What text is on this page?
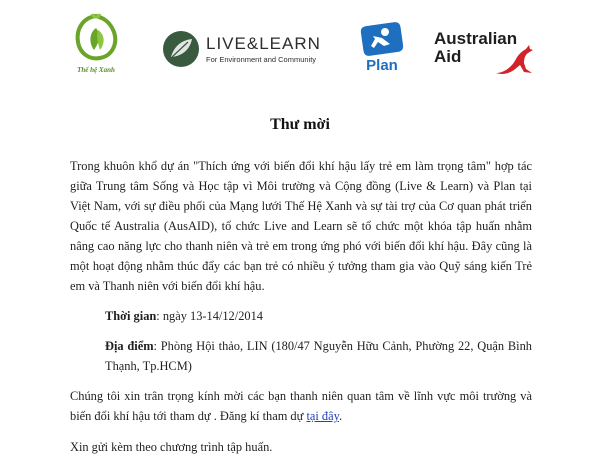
Thế hệ Xanh
LIVE&LEARN
For Environment and Community	Plan
Australian
Aid
Thư mời

Trong khuôn khổ dự án "Thích ứng với biến đổi khí hậu lấy trẻ em làm trọng tâm" hợp tác giữa Trung tâm Sống và Học tập vì Môi trường và Cộng đồng (Live & Learn) và Plan tại Việt Nam, với sự điều phối của Mạng lưới Thế Hệ Xanh và sự tài trợ của Cơ quan phát triển Quốc tế Australia (AusAID), tổ chức Live and Learn sẽ tổ chức một khóa tập huấn nhằm nâng cao năng lực cho thanh niên và trẻ em trong ứng phó với biến đổi khí hậu. Đây cũng là một hoạt động nhằm thúc đẩy các bạn trẻ có nhiều ý tưởng tham gia vào Quỹ sáng kiến Trẻ em và Thanh niên với biến đổi khí hậu.

Thời gian: ngày 13-14/12/2014

Địa điểm: Phòng Hội thảo, LIN (180/47 Nguyễn Hữu Cảnh, Phường 22, Quận Bình Thạnh, Tp.HCM)

Chúng tôi xin trân trọng kính mời các bạn thanh niên quan tâm về lĩnh vực môi trường và biến đổi khí hậu tới tham dự . Đăng kí tham dự tại đây.

Xin gửi kèm theo chương trình tập huấn.
